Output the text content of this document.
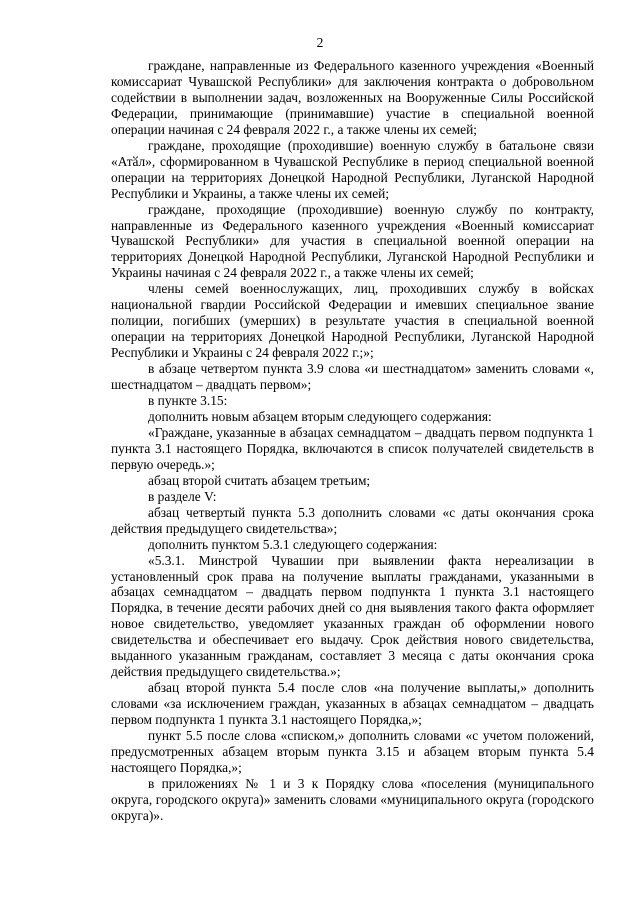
2

граждане, направленные из Федерального казенного учреждения «Военный комиссариат Чувашской Республики» для заключения контракта о добровольном содействии в выполнении задач, возложенных на Вооруженные Силы Российской Федерации, принимающие (принимавшие) участие в специальной военной операции начиная с 24 февраля 2022 г., а также члены их семей;

граждане, проходящие (проходившие) военную службу в батальоне связи «Атӑл», сформированном в Чувашской Республике в период специальной военной операции на территориях Донецкой Народной Республики, Луганской Народной Республики и Украины, а также члены их семей;

граждане, проходящие (проходившие) военную службу по контракту, направленные из Федерального казенного учреждения «Военный комиссариат Чувашской Республики» для участия в специальной военной операции на территориях Донецкой Народной Республики, Луганской Народной Республики и Украины начиная с 24 февраля 2022 г., а также члены их семей;

члены семей военнослужащих, лиц, проходивших службу в войсках национальной гвардии Российской Федерации и имевших специальное звание полиции, погибших (умерших) в результате участия в специальной военной операции на территориях Донецкой Народной Республики, Луганской Народной Республики и Украины с 24 февраля 2022 г.;»;

в абзаце четвертом пункта 3.9 слова «и шестнадцатом» заменить словами «, шестнадцатом – двадцать первом»;

в пункте 3.15:

дополнить новым абзацем вторым следующего содержания:

«Граждане, указанные в абзацах семнадцатом – двадцать первом подпункта 1 пункта 3.1 настоящего Порядка, включаются в список получателей свидетельств в первую очередь.»;

абзац второй считать абзацем третьим;

в разделе V:

абзац четвертый пункта 5.3 дополнить словами «с даты окончания срока действия предыдущего свидетельства»;

дополнить пунктом 5.3.1 следующего содержания:

«5.3.1. Минстрой Чувашии при выявлении факта нереализации в установленный срок права на получение выплаты гражданами, указанными в абзацах семнадцатом – двадцать первом подпункта 1 пункта 3.1 настоящего Порядка, в течение десяти рабочих дней со дня выявления такого факта оформляет новое свидетельство, уведомляет указанных граждан об оформлении нового свидетельства и обеспечивает его выдачу. Срок действия нового свидетельства, выданного указанным гражданам, составляет 3 месяца с даты окончания срока действия предыдущего свидетельства.»;

абзац второй пункта 5.4 после слов «на получение выплаты,» дополнить словами «за исключением граждан, указанных в абзацах семнадцатом – двадцать первом подпункта 1 пункта 3.1 настоящего Порядка,»;

пункт 5.5 после слова «списком,» дополнить словами «с учетом положений, предусмотренных абзацем вторым пункта 3.15 и абзацем вторым пункта 5.4 настоящего Порядка,»;

в приложениях № 1 и 3 к Порядку слова «поселения (муниципального округа, городского округа)» заменить словами «муниципального округа (городского округа)».
